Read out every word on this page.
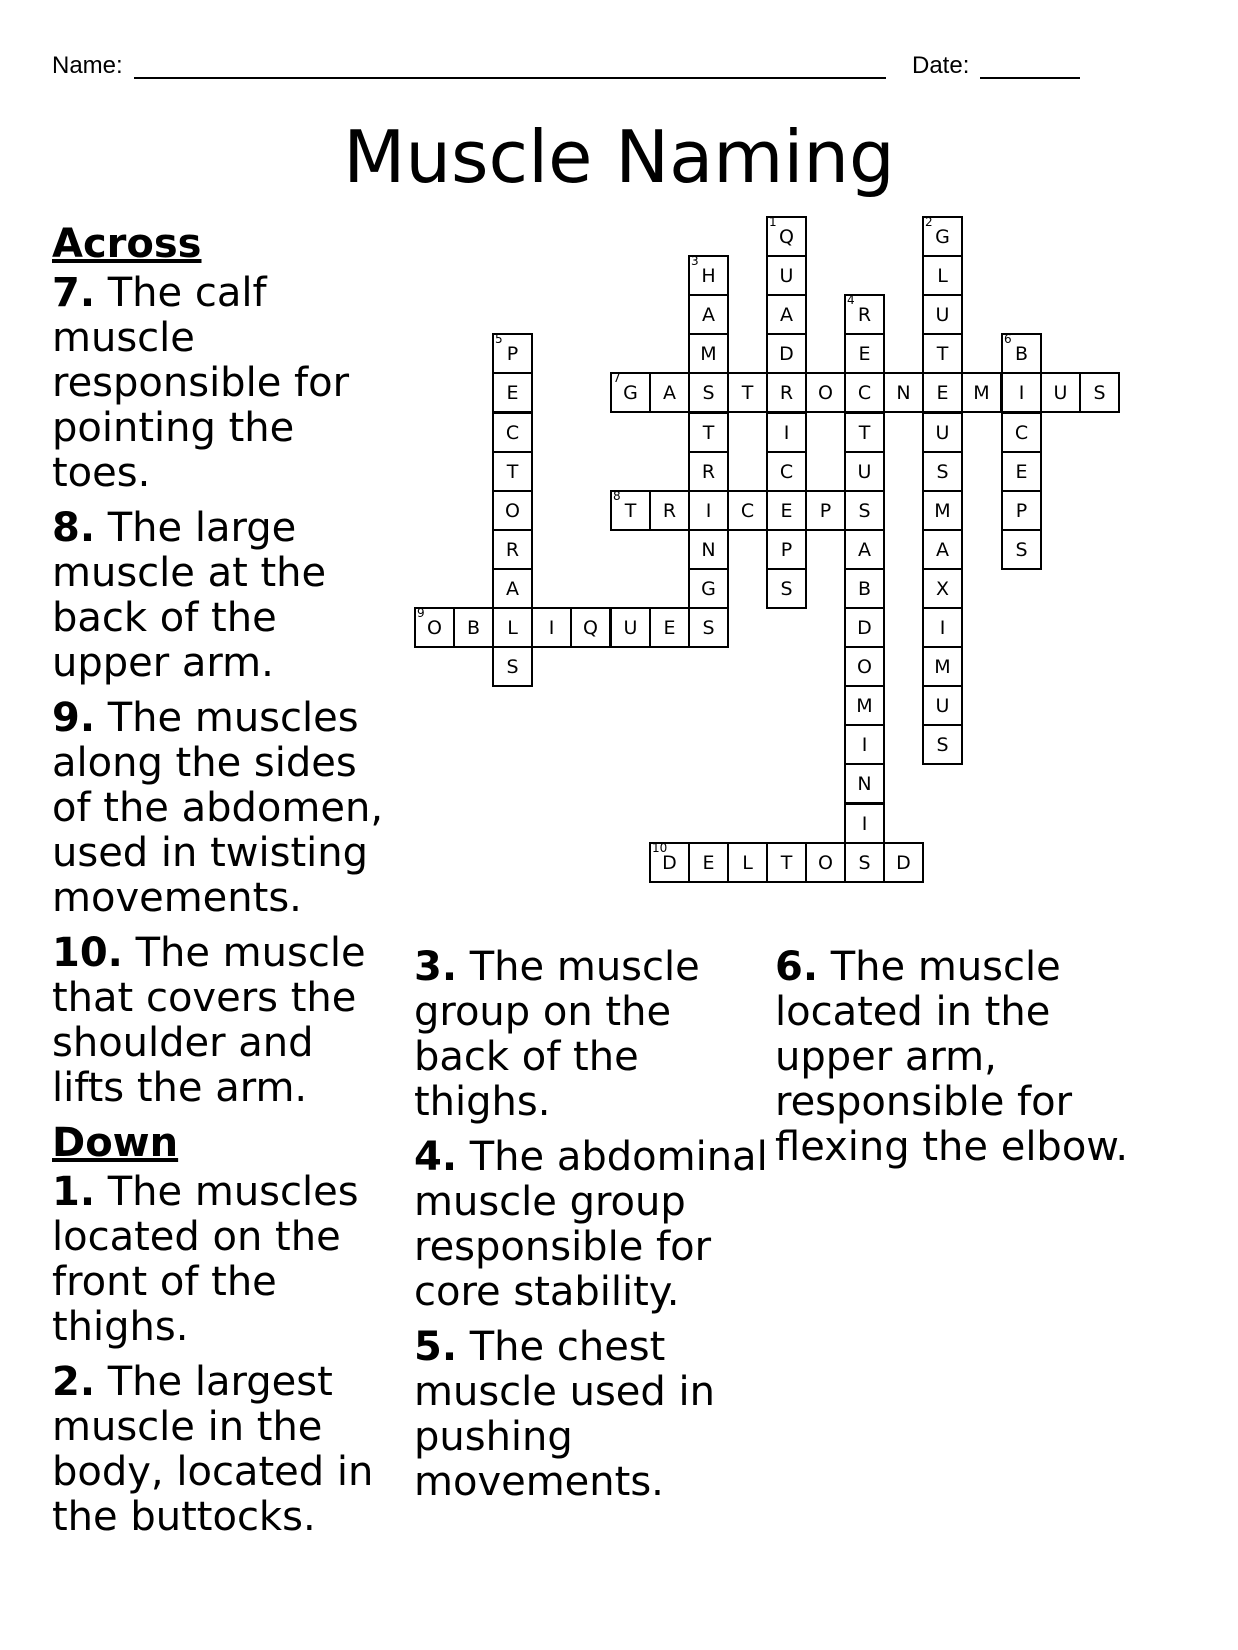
Name:	Date:
Muscle Naming
Across
7. The calf muscle responsible for pointing the toes.
8. The large muscle at the back of the upper arm.
9. The muscles along the sides of the abdomen, used in twisting movements.
10. The muscle that covers the shoulder and lifts the arm.
Down
1. The muscles located on the front of the thighs.
2. The largest muscle in the body, located in the buttocks.
3. The muscle group on the back of the thighs.
4. The abdominal muscle group responsible for core stability.
5. The chest muscle used in pushing movements.
6. The muscle located in the upper arm, responsible for flexing the elbow.
Q
1
U
A
D
R
I
C
E
P
S
G
2
L
U
T
E
U
S
M
A
X
I
M
U
S
H
3
A
M
S
T
R
I
N
G
S
R
4
E
C
T
U
S
A
B
D
O
M
I
N
I
S
P
5
E
C
T
O
R
A
L
S
B
6
I
C
E
P
S
G
7
A	T	O	N	M	U S
T
8
R	C	P
O
9
B	I Q U E
D
10
E L T O	D
